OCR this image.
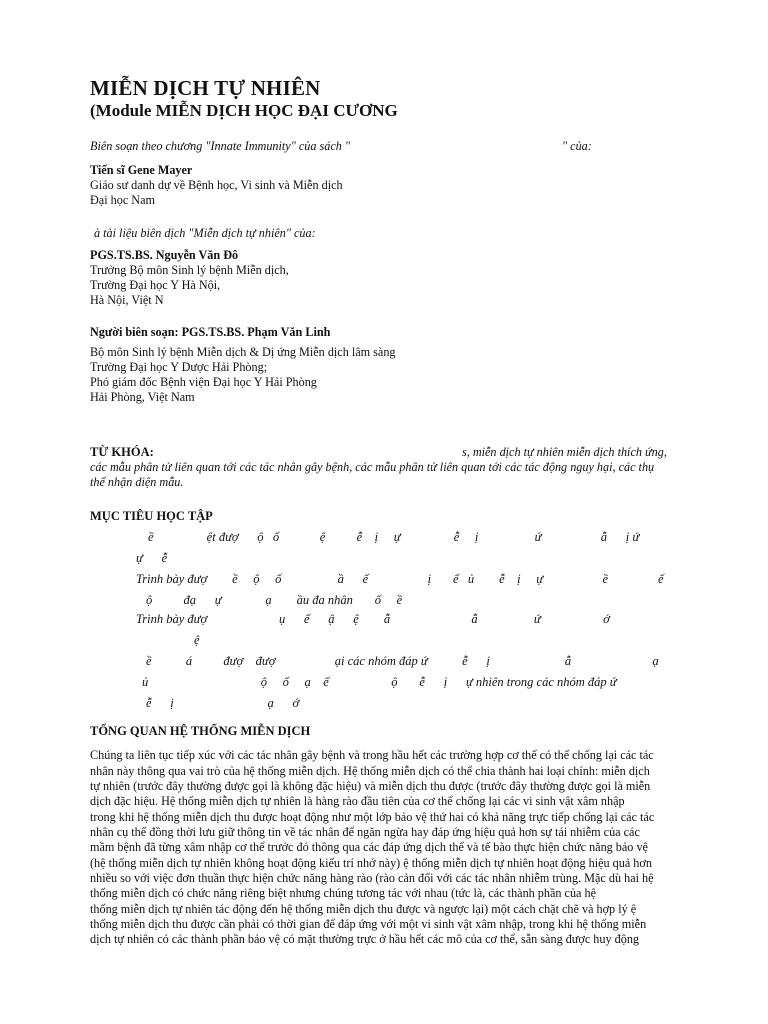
MIỄN DỊCH TỰ NHIÊN
(Module MIỄN DỊCH HỌC ĐẠI CƯƠNG
Biên soạn theo chương "Innate Immunity" của sách "	" của:
Tiến sĩ Gene Mayer
Giáo sư danh dự về Bệnh học, Vi sinh và Miễn dịch
Đại học Nam
à tài liệu biên dịch "Miễn dịch tự nhiên" của:
PGS.TS.BS. Nguyễn Văn Đô
Trưởng Bộ môn Sinh lý bệnh Miễn dịch,
Trường Đại học Y Hà Nội,
Hà Nội, Việt N
Người biên soạn: PGS.TS.BS. Phạm Văn Linh
Bộ môn Sinh lý bệnh Miễn dịch & Dị ứng Miễn dịch lâm sàng
Trường Đại học Y Dược Hải Phòng;
Phó giám đốc Bệnh viện Đại học Y Hải Phòng
Hải Phòng, Việt Nam
TỪ KHÓA:	s, miễn dịch tự nhiên miễn dịch thích ứng,
các mẫu phân tử liên quan tới các tác nhân gây bệnh, các mẫu phân tử liên quan tới các tác động nguy hại, các thụ
thể nhận diện mẫu.
MỤC TIÊU HỌC TẬP
ề                 ệt đượ      ộ   ố             ệ          ễ    ị     ự                 ễ     ị                  ứ                   ẫ      ị ứ
ự      ễ
Trình bày đượ        ề     ộ     ố                  ầ      ế                   ị       ế   ủ        ễ    ị     ự                   ề                ế
ộ          đạ      ự              ạ        ầu đa nhân       ố     ề
Trình bày đượ                       ụ      ế      ậ      ệ        ẫ                          ẫ                  ứ                    ớ
ệ
ề           á          đượ    đượ                   ại các nhóm đáp ứ           ễ      ị                        ẫ                          ạ
ủ                                    ộ     ố     ạ    ế                    ộ       ễ      ị      ự nhiên trong các nhóm đáp ứ
ễ      ị                              ạ      ớ
TỔNG QUAN HỆ THỐNG MIỄN DỊCH
Chúng ta liên tục tiếp xúc với các tác nhân gây bệnh và trong hầu hết các trường hợp cơ thể có thể chống lại các tác
nhân này thông qua vai trò của hệ thống miễn dịch. Hệ thống miễn dịch có thể chia thành hai loại chính: miễn dịch
tự nhiên (trước đây thường được gọi là không đặc hiệu) và miễn dịch thu được (trước đây thường được gọi là miễn
dịch đặc hiệu. Hệ thống miễn dịch tự nhiên là hàng rào đầu tiên của cơ thể chống lại các vi sinh vật xâm nhập
trong khi hệ thống miễn dịch thu được hoạt động như một lớp bảo vệ thứ hai có khả năng trực tiếp chống lại các tác
nhân cụ thể đồng thời lưu giữ thông tin về tác nhân để ngăn ngừa hay đáp ứng hiệu quả hơn sự tái nhiễm của các
mầm bệnh đã từng xâm nhập cơ thể trước đó thông qua các đáp ứng dịch thể và tế bào thực hiện chức năng bảo vệ
(hệ thống miễn dịch tự nhiên không hoạt động kiểu trí nhớ này) ệ thống miễn dịch tự nhiên hoạt động hiệu quả hơn
nhiều so với việc đơn thuần thực hiện chức năng hàng rào (rào cản đối với các tác nhân nhiễm trùng. Mặc dù hai hệ
thống miễn dịch có chức năng riêng biệt nhưng chúng tương tác với nhau (tức là, các thành phần của hệ
thống miễn dịch tự nhiên tác động đến hệ thống miễn dịch thu được và ngược lại) một cách chặt chẽ và hợp lý ệ
thống miễn dịch thu được cần phải có thời gian để đáp ứng với một vi sinh vật xâm nhập, trong khi hệ thống miễn
dịch tự nhiên có các thành phần bảo vệ có mặt thường trực ở hầu hết các mô của cơ thể, sẵn sàng được huy động
